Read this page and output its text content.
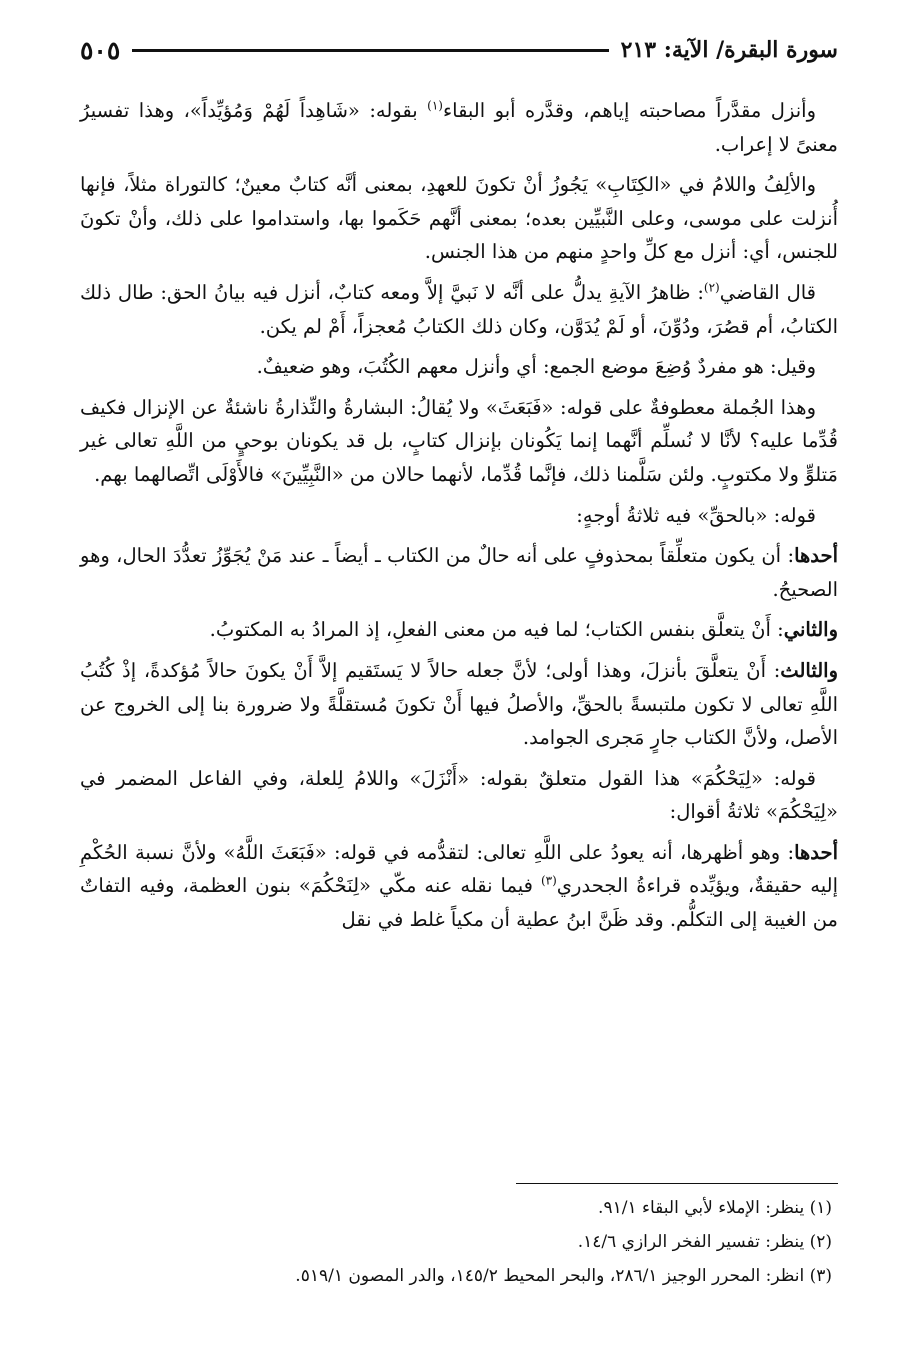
٥٠٥	سورة البقرة/ الآية: ٢١٣

وأنزل مقدَّراً مصاحبته إياهم، وقدَّره أبو البقاء$^{(١)}$ بقوله: «شَاهِداً لَهُمْ وَمُؤيِّداً»، وهذا تفسيرُ معنىً لا إعراب.

والألِفُ واللامُ في «الكِتَابِ» يَجُوزُ أنْ تكونَ للعهدِ، بمعنى أنَّه كتابٌ معينٌ؛ كالتوراة مثلاً، فإنها أُنزلت على موسى، وعلى النَّبيِّين بعده؛ بمعنى أنَّهم حَكَموا بها، واستداموا على ذلك، وأنْ تكونَ للجنس، أي: أنزل مع كلِّ واحدٍ منهم من هذا الجنس.

قال القاضي$^{(٢)}$: ظاهرُ الآيةِ يدلُّ على أنَّه لا نَبيَّ إلاَّ ومعه كتابٌ، أنزل فيه بيانُ الحق: طال ذلك الكتابُ، أم قصُرَ، ودُوِّنَ، أو لَمْ يُدَوَّن، وكان ذلك الكتابُ مُعجزاً، أَمْ لم يكن.

وقيل: هو مفردٌ وُضِعَ موضع الجمع: أي وأنزل معهم الكُتُبَ، وهو ضعيفٌ.

وهذا الجُملة معطوفةٌ على قوله: «فَبَعَثَ» ولا يُقالُ: البشارةُ والنِّذارةُ ناشئةٌ عن الإنزال فكيف قُدِّما عليه؟ لأنَّا لا نُسلِّم أنَّهما إنما يَكُونان بإنزال كتابٍ، بل قد يكونان بوحيٍ من اللَّهِ تعالى غير مَتلوٍّ ولا مكتوبٍ. ولئن سَلَّمنا ذلك، فإنَّما قُدِّما، لأنهما حالان من «النَّبِيِّينَ» فالأَوْلَى اتِّصالهما بهم.

قوله: «بالحقِّ» فيه ثلاثةُ أوجهٍ:

أحدها: أن يكون متعلِّقاً بمحذوفٍ على أنه حالٌ من الكتاب ـ أيضاً ـ عند مَنْ يُجَوِّزُ تعدُّدَ الحال، وهو الصحيحُ.

والثاني: أَنْ يتعلَّق بنفس الكتاب؛ لما فيه من معنى الفعلِ، إذ المرادُ به المكتوبُ.

والثالث: أَنْ يتعلَّقَ بأنزلَ، وهذا أولى؛ لأنَّ جعله حالاً لا يَستَقيم إلاَّ أَنْ يكونَ حالاً مُؤكدةً، إذْ كُتُبُ اللَّهِ تعالى لا تكون ملتبسةً بالحقِّ، والأصلُ فيها أَنْ تكونَ مُستقلَّةً ولا ضرورة بنا إلى الخروج عن الأصل، ولأنَّ الكتاب جارٍ مَجرى الجوامد.

قوله: «لِيَحْكُمَ» هذا القول متعلقٌ بقوله: «أَنْزَلَ» واللامُ لِلعلة، وفي الفاعل المضمر في «لِيَحْكُمَ» ثلاثةُ أقوال:

أحدها: وهو أظهرها، أنه يعودُ على اللَّهِ تعالى: لتقدُّمه في قوله: «فَبَعَثَ اللَّهُ» ولأنَّ نسبة الحُكْمِ إليه حقيقةٌ، ويؤيِّده قراءةُ الجحدري$^{(٣)}$ فيما نقله عنه مكّي «لِنَحْكُمَ» بنون العظمة، وفيه التفاتٌ من الغيبة إلى التكلُّم. وقد ظَنَّ ابنُ عطية أن مكياً غلط في نقل

(١) ينظر: الإملاء لأبي البقاء ٩١/١.

(٢) ينظر: تفسير الفخر الرازي ١٤/٦.

(٣) انظر: المحرر الوجيز ٢٨٦/١، والبحر المحيط ١٤٥/٢، والدر المصون ٥١٩/١.
